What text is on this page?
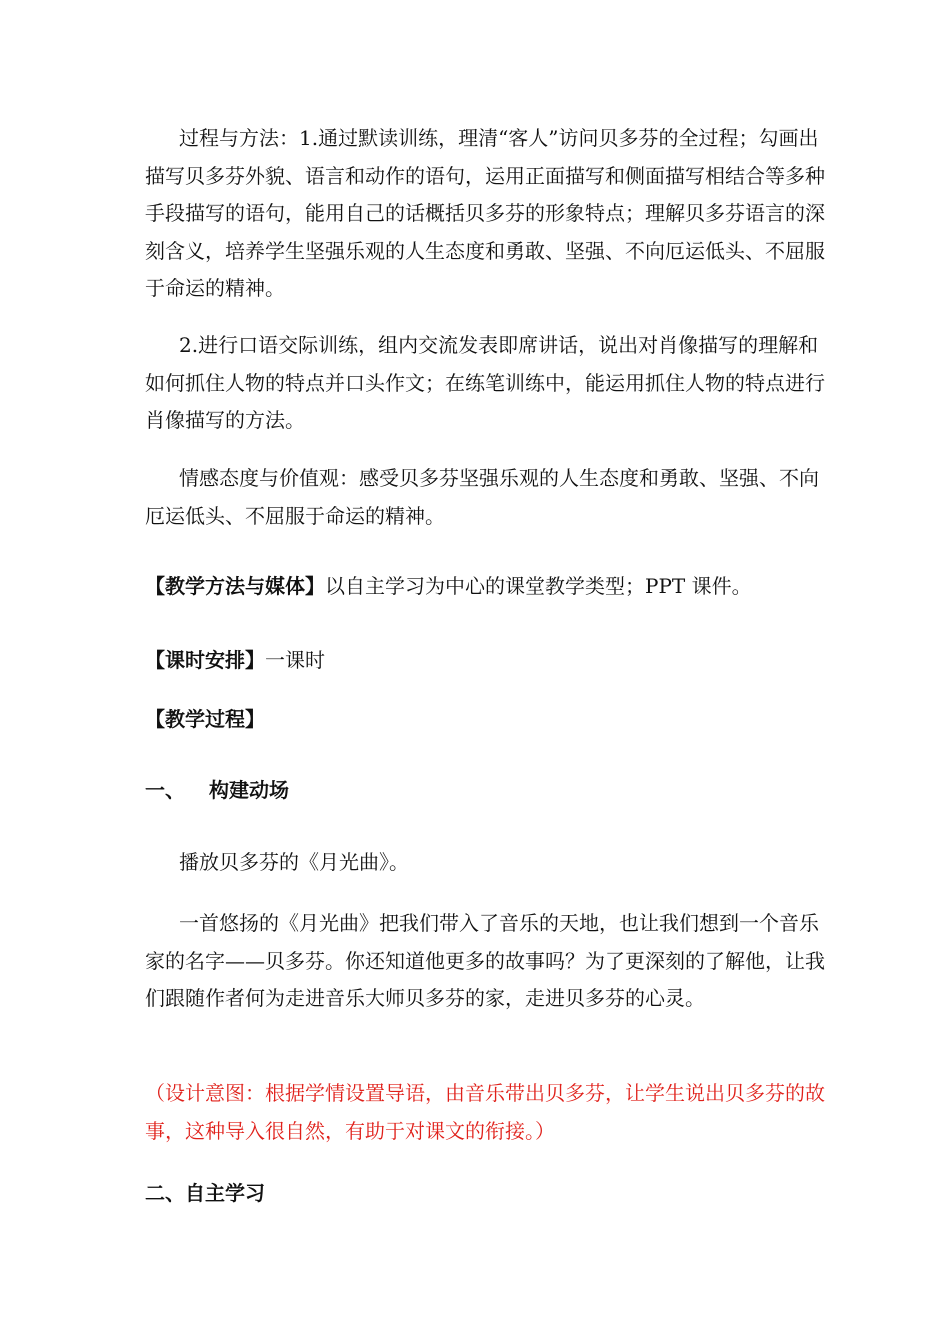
过程与方法：1.通过默读训练，理清“客人”访问贝多芬的全过程；勾画出描写贝多芬外貌、语言和动作的语句，运用正面描写和侧面描写相结合等多种手段描写的语句，能用自己的话概括贝多芬的形象特点；理解贝多芬语言的深刻含义，培养学生坚强乐观的人生态度和勇敢、坚强、不向厄运低头、不屈服于命运的精神。
2.进行口语交际训练，组内交流发表即席讲话，说出对肖像描写的理解和如何抓住人物的特点并口头作文；在练笔训练中，能运用抓住人物的特点进行肖像描写的方法。
情感态度与价值观：感受贝多芬坚强乐观的人生态度和勇敢、坚强、不向厄运低头、不屈服于命运的精神。
【教学方法与媒体】以自主学习为中心的课堂教学类型；PPT 课件。
【课时安排】一课时
【教学过程】
一、 构建动场
播放贝多芬的《月光曲》。
一首悠扬的《月光曲》把我们带入了音乐的天地，也让我们想到一个音乐家的名字——贝多芬。你还知道他更多的故事吗？为了更深刻的了解他，让我们跟随作者何为走进音乐大师贝多芬的家，走进贝多芬的心灵。
（设计意图：根据学情设置导语，由音乐带出贝多芬，让学生说出贝多芬的故事，这种导入很自然，有助于对课文的衔接。）
二、自主学习
